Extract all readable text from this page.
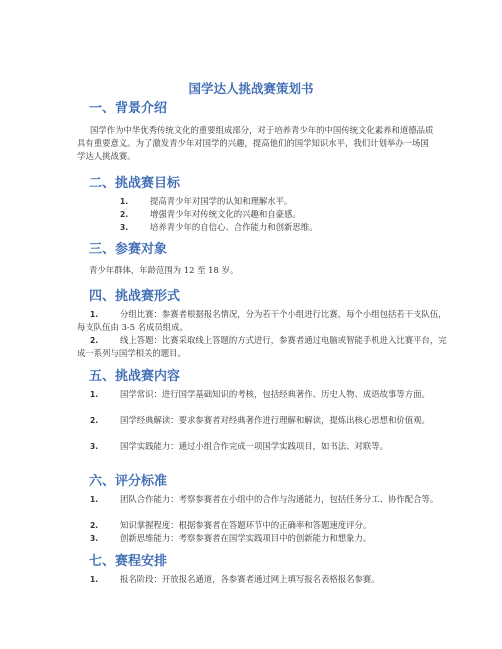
国学达人挑战赛策划书
一、背景介绍
国学作为中华优秀传统文化的重要组成部分，对于培养青少年的中国传统文化素养和道德品质具有重要意义。为了激发青少年对国学的兴趣，提高他们的国学知识水平，我们计划举办一场国学达人挑战赛。
二、挑战赛目标
1.	提高青少年对国学的认知和理解水平。
2.	增强青少年对传统文化的兴趣和自豪感。
3.	培养青少年的自信心、合作能力和创新思维。
三、参赛对象
青少年群体，年龄范围为 12 至 18 岁。
四、挑战赛形式
1.	分组比赛：参赛者根据报名情况，分为若干个小组进行比赛，每个小组包括若干支队伍，每支队伍由 3-5 名成员组成。
2.	线上答题：比赛采取线上答题的方式进行，参赛者通过电脑或智能手机进入比赛平台，完成一系列与国学相关的题目。
五、挑战赛内容
1.	国学常识：进行国学基础知识的考核，包括经典著作、历史人物、成语故事等方面。
2.	国学经典解读：要求参赛者对经典著作进行理解和解读，提炼出核心思想和价值观。
3.	国学实践能力：通过小组合作完成一项国学实践项目，如书法、对联等。
六、评分标准
1.	团队合作能力：考察参赛者在小组中的合作与沟通能力，包括任务分工、协作配合等。
2.	知识掌握程度：根据参赛者在答题环节中的正确率和答题速度评分。
3.	创新思维能力：考察参赛者在国学实践项目中的创新能力和想象力。
七、赛程安排
1.	报名阶段：开放报名通道，各参赛者通过网上填写报名表格报名参赛。
